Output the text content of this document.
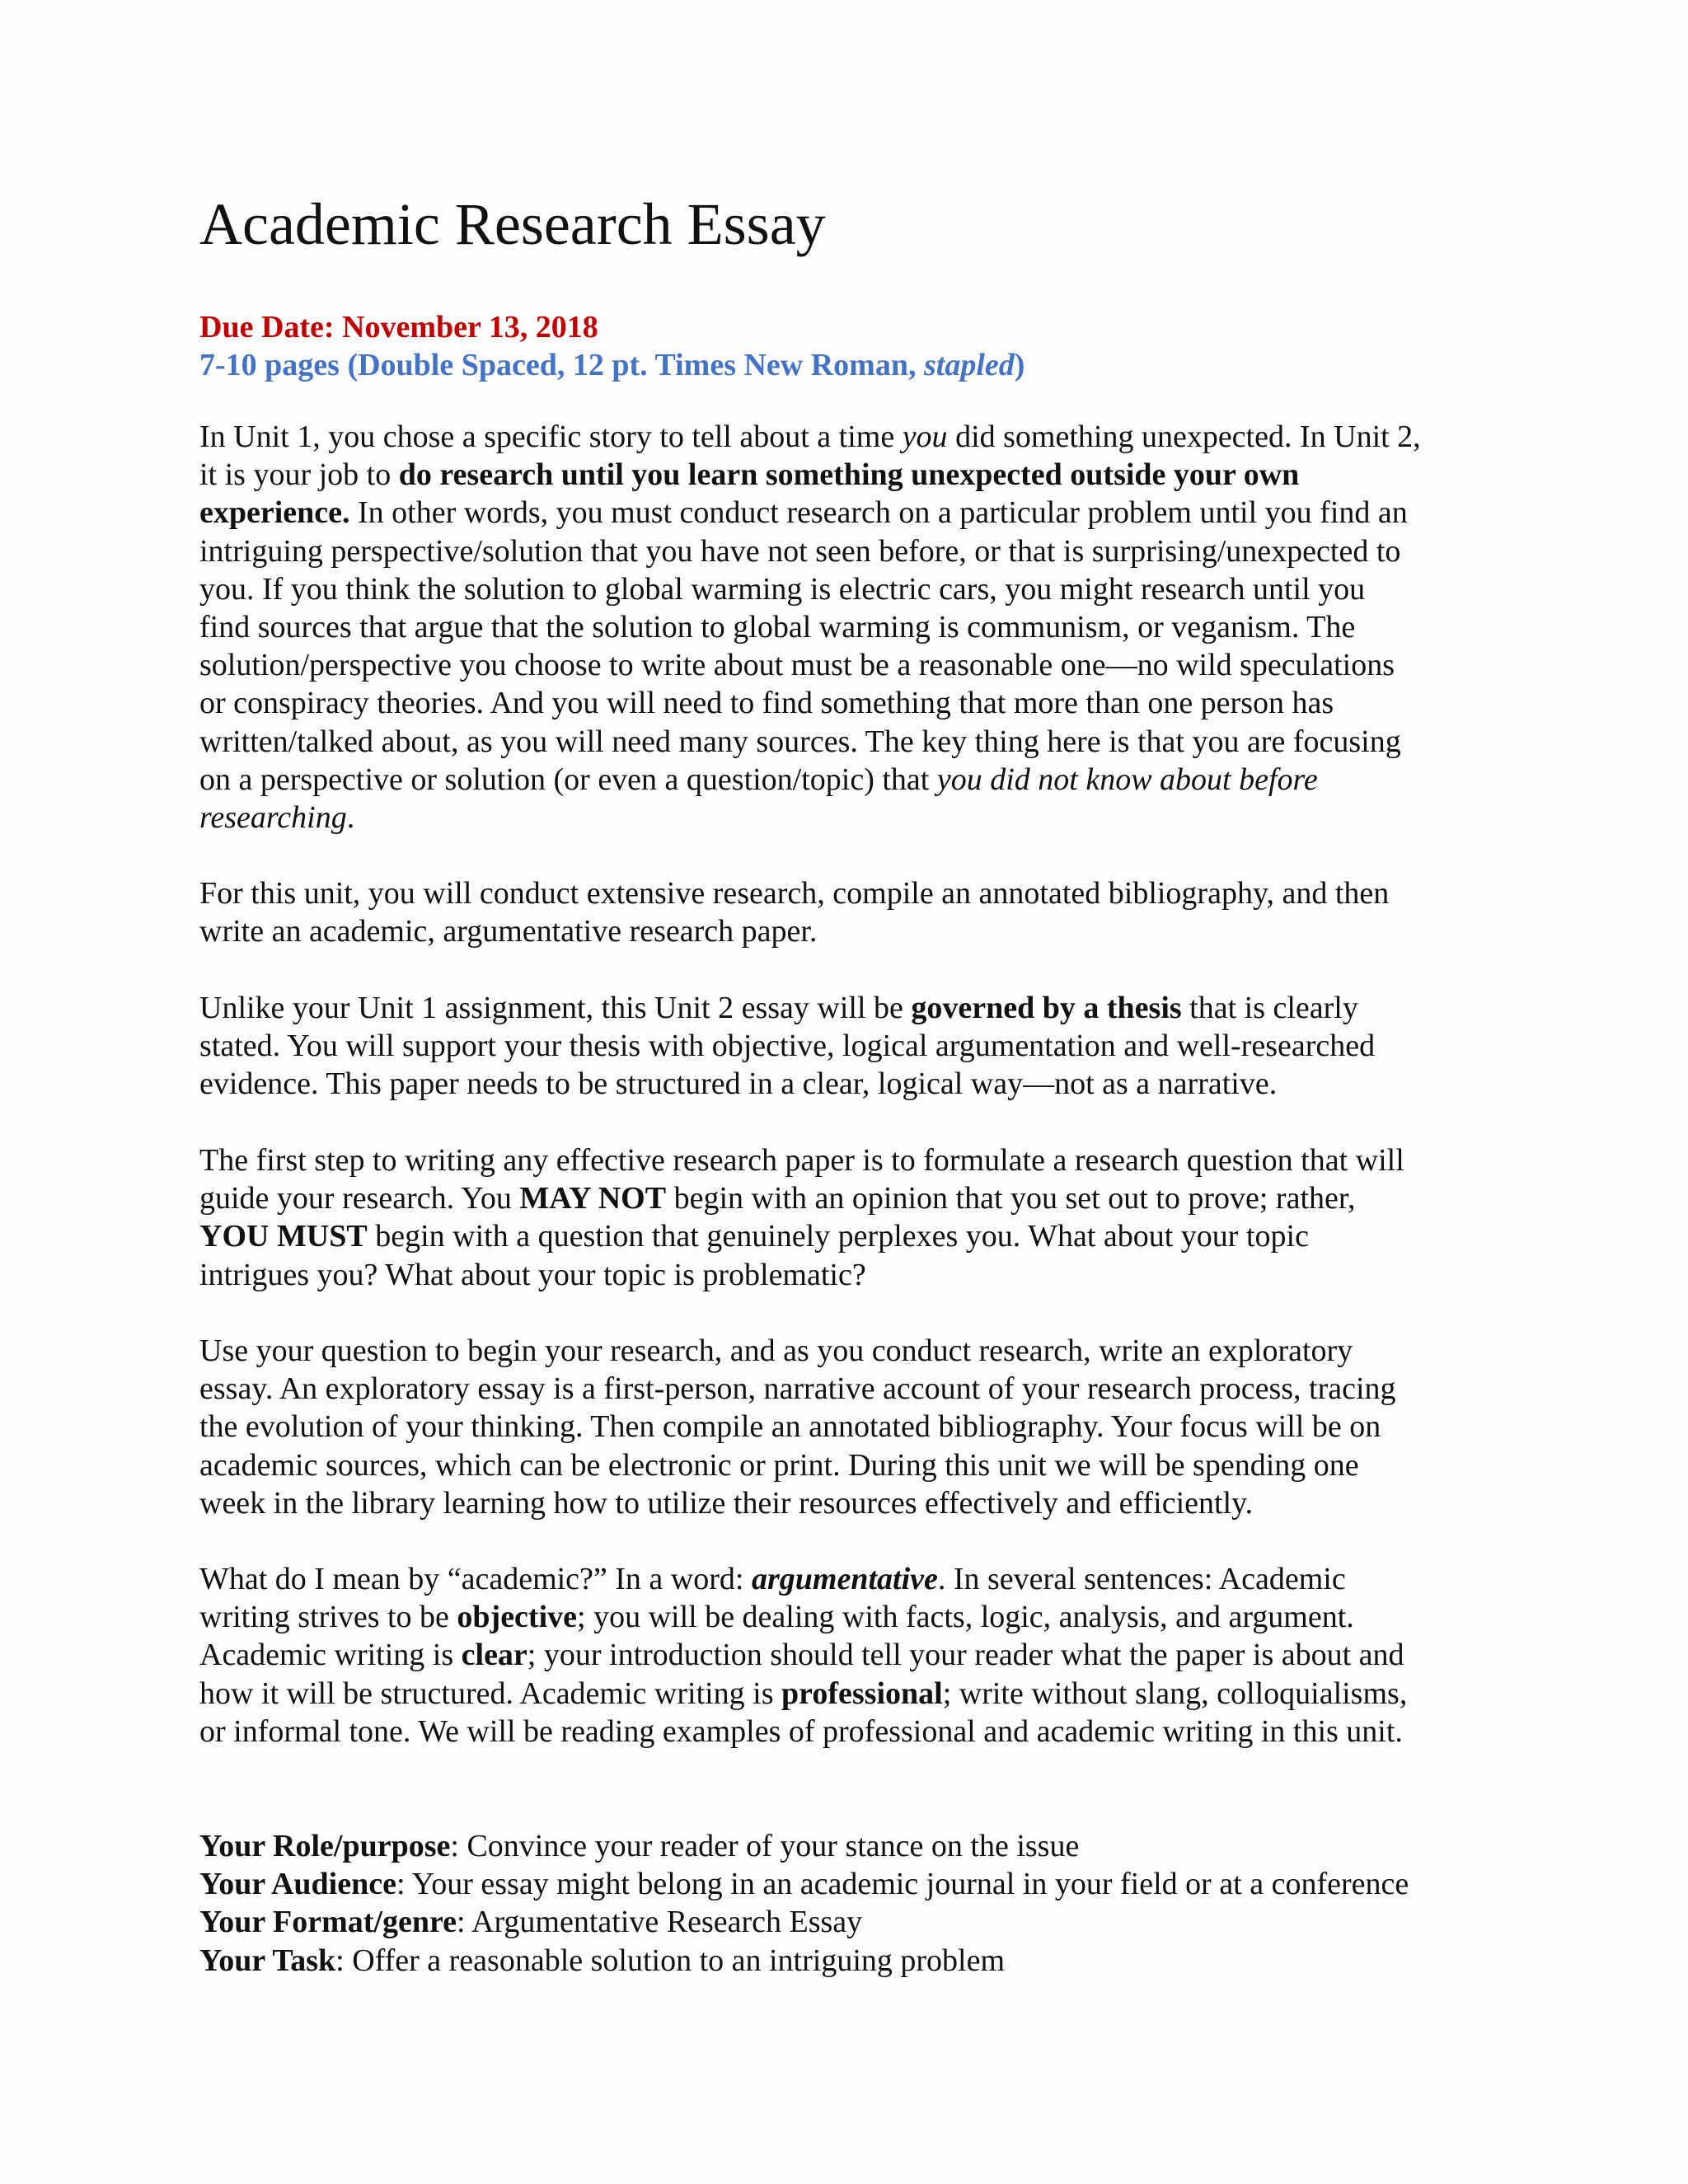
Academic Research Essay
Due Date: November 13, 2018
7-10 pages (Double Spaced, 12 pt. Times New Roman, stapled)
In Unit 1, you chose a specific story to tell about a time you did something unexpected. In Unit 2,
it is your job to do research until you learn something unexpected outside your own
experience. In other words, you must conduct research on a particular problem until you find an
intriguing perspective/solution that you have not seen before, or that is surprising/unexpected to
you. If you think the solution to global warming is electric cars, you might research until you
find sources that argue that the solution to global warming is communism, or veganism. The
solution/perspective you choose to write about must be a reasonable one—no wild speculations
or conspiracy theories. And you will need to find something that more than one person has
written/talked about, as you will need many sources. The key thing here is that you are focusing
on a perspective or solution (or even a question/topic) that you did not know about before
researching.
For this unit, you will conduct extensive research, compile an annotated bibliography, and then
write an academic, argumentative research paper.
Unlike your Unit 1 assignment, this Unit 2 essay will be governed by a thesis that is clearly
stated. You will support your thesis with objective, logical argumentation and well-researched
evidence. This paper needs to be structured in a clear, logical way—not as a narrative.
The first step to writing any effective research paper is to formulate a research question that will
guide your research. You MAY NOT begin with an opinion that you set out to prove; rather,
YOU MUST begin with a question that genuinely perplexes you. What about your topic
intrigues you? What about your topic is problematic?
Use your question to begin your research, and as you conduct research, write an exploratory
essay. An exploratory essay is a first-person, narrative account of your research process, tracing
the evolution of your thinking. Then compile an annotated bibliography. Your focus will be on
academic sources, which can be electronic or print. During this unit we will be spending one
week in the library learning how to utilize their resources effectively and efficiently.
What do I mean by “academic?” In a word: argumentative. In several sentences: Academic
writing strives to be objective; you will be dealing with facts, logic, analysis, and argument.
Academic writing is clear; your introduction should tell your reader what the paper is about and
how it will be structured. Academic writing is professional; write without slang, colloquialisms,
or informal tone. We will be reading examples of professional and academic writing in this unit.
Your Role/purpose: Convince your reader of your stance on the issue
Your Audience: Your essay might belong in an academic journal in your field or at a conference
Your Format/genre: Argumentative Research Essay
Your Task: Offer a reasonable solution to an intriguing problem
